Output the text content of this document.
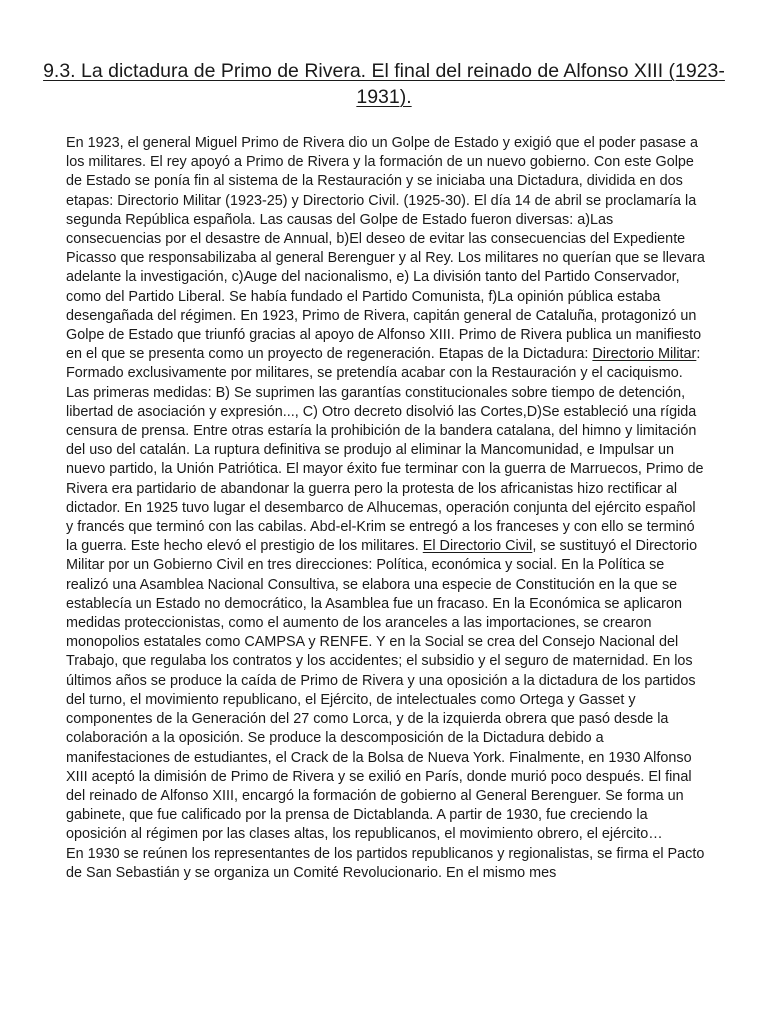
9.3. La dictadura de Primo de Rivera. El final del reinado de Alfonso XIII (1923-1931).

En 1923, el general Miguel Primo de Rivera dio un Golpe de Estado y exigió que el poder pasase a los militares. El rey apoyó a Primo de Rivera y la formación de un nuevo gobierno. Con este Golpe de Estado se ponía fin al sistema de la Restauración y se iniciaba una Dictadura, dividida en dos etapas: Directorio Militar (1923-25) y Directorio Civil. (1925-30). El día 14 de abril se proclamaría la segunda República española. Las causas del Golpe de Estado fueron diversas: a)Las consecuencias por el desastre de Annual, b)El deseo de evitar las consecuencias del Expediente Picasso que responsabilizaba al general Berenguer y al Rey. Los militares no querían que se llevara adelante la investigación, c)Auge del nacionalismo, e) La división tanto del Partido Conservador, como del Partido Liberal. Se había fundado el Partido Comunista, f)La opinión pública estaba desengañada del régimen. En 1923, Primo de Rivera, capitán general de Cataluña, protagonizó un Golpe de Estado que triunfó gracias al apoyo de Alfonso XIII. Primo de Rivera publica un manifiesto en el que se presenta como un proyecto de regeneración. Etapas de la Dictadura: Directorio Militar: Formado exclusivamente por militares, se pretendía acabar con la Restauración y el caciquismo. Las primeras medidas: B) Se suprimen las garantías constitucionales sobre tiempo de detención, libertad de asociación y expresión..., C) Otro decreto disolvió las Cortes,D)Se estableció una rígida censura de prensa. Entre otras estaría la prohibición de la bandera catalana, del himno y limitación del uso del catalán. La ruptura definitiva se produjo al eliminar la Mancomunidad, e Impulsar un nuevo partido, la Unión Patriótica. El mayor éxito fue terminar con la guerra de Marruecos, Primo de Rivera era partidario de abandonar la guerra pero la protesta de los africanistas hizo rectificar al dictador. En 1925 tuvo lugar el desembarco de Alhucemas, operación conjunta del ejército español y francés que terminó con las cabilas. Abd-el-Krim se entregó a los franceses y con ello se terminó la guerra. Este hecho elevó el prestigio de los militares. El Directorio Civil, se sustituyó el Directorio Militar por un Gobierno Civil en tres direcciones: Política, económica y social. En la Política se realizó una Asamblea Nacional Consultiva, se elabora una especie de Constitución en la que se establecía un Estado no democrático, la Asamblea fue un fracaso. En la Económica se aplicaron medidas proteccionistas, como el aumento de los aranceles a las importaciones, se crearon monopolios estatales como CAMPSA y RENFE. Y en la Social se crea del Consejo Nacional del Trabajo, que regulaba los contratos y los accidentes; el subsidio y el seguro de maternidad. En los últimos años se produce la caída de Primo de Rivera y una oposición a la dictadura de los partidos del turno, el movimiento republicano, el Ejército, de intelectuales como Ortega y Gasset y componentes de la Generación del 27 como Lorca, y de la izquierda obrera que pasó desde la colaboración a la oposición. Se produce la descomposición de la Dictadura debido a manifestaciones de estudiantes, el Crack de la Bolsa de Nueva York. Finalmente, en 1930 Alfonso XIII aceptó la dimisión de Primo de Rivera y se exilió en París, donde murió poco después. El final del reinado de Alfonso XIII, encargó la formación de gobierno al General Berenguer. Se forma un gabinete, que fue calificado por la prensa de Dictablanda. A partir de 1930, fue creciendo la oposición al régimen por las clases altas, los republicanos, el movimiento obrero, el ejército…

En 1930 se reúnen los representantes de los partidos republicanos y regionalistas, se firma el Pacto de San Sebastián y se organiza un Comité Revolucionario. En el mismo mes
